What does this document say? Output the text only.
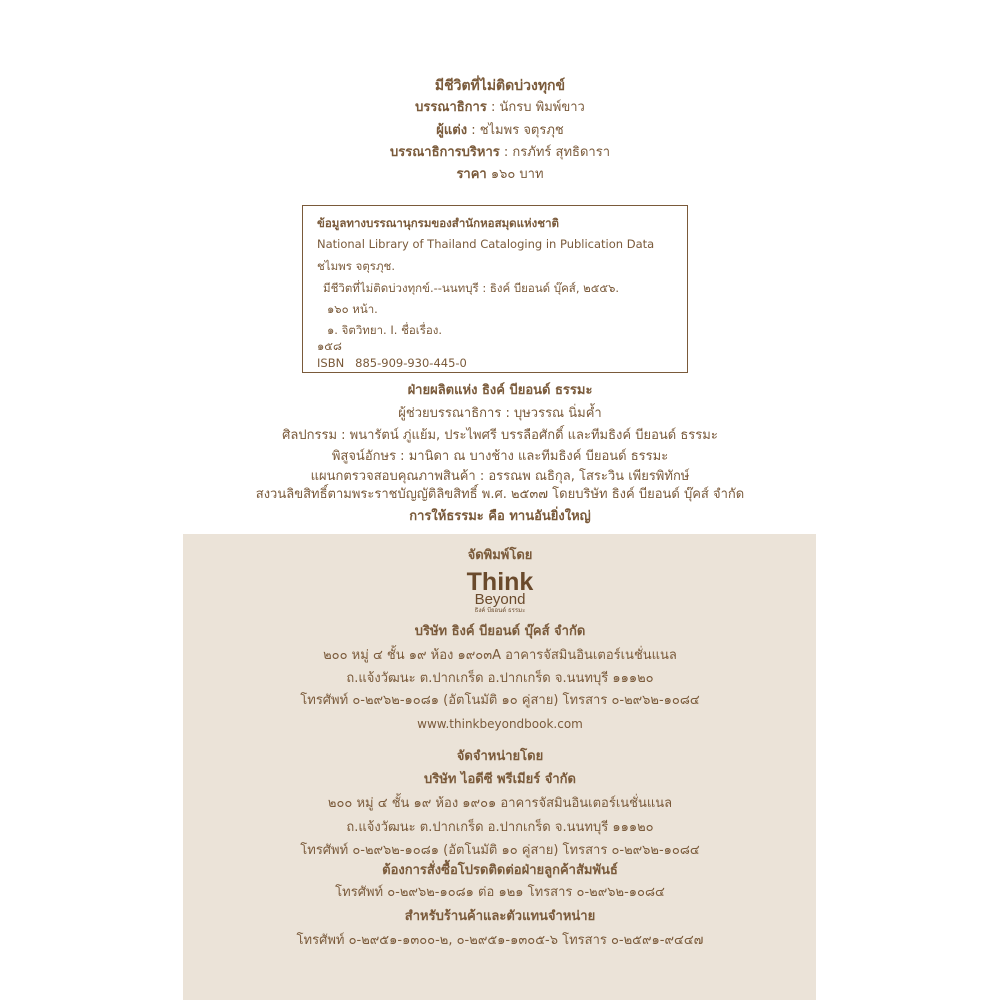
มีชีวิตที่ไม่ติดบ่วงทุกข์
บรรณาธิการ : นักรบ พิมพ์ขาว
ผู้แต่ง : ชไมพร จตุรภุช
บรรณาธิการบริหาร : กรภัทร์ สุทธิดารา
ราคา ๑๖๐ บาท
ข้อมูลทางบรรณานุกรมของสำนักหอสมุดแห่งชาติ
National Library of Thailand Cataloging in Publication Data
ชไมพร จตุรภุช.
มีชีวิตที่ไม่ติดบ่วงทุกข์.--นนทบุรี : ธิงค์ บียอนด์ บุ๊คส์, ๒๕๕๖.
๑๖๐ หน้า.
๑. จิตวิทยา. I. ชื่อเรื่อง.
๑๕๘
ISBN 885-909-930-445-0
ฝ่ายผลิตแห่ง ธิงค์ บียอนด์ ธรรมะ
ผู้ช่วยบรรณาธิการ : บุษวรรณ นิ่มค้ำ
ศิลปกรรม : พนารัตน์ ภู่แย้ม, ประไพศรี บรรลือศักดิ์ และทีมธิงค์ บียอนด์ ธรรมะ
พิสูจน์อักษร : มานิดา ณ บางช้าง และทีมธิงค์ บียอนด์ ธรรมะ
แผนกตรวจสอบคุณภาพสินค้า : อรรณพ ณธิกุล, โสระวิน เพียรพิทักษ์
สงวนลิขสิทธิ์ตามพระราชบัญญัติลิขสิทธิ์ พ.ศ. ๒๕๓๗ โดยบริษัท ธิงค์ บียอนด์ บุ๊คส์ จำกัด
การให้ธรรมะ คือ ทานอันยิ่งใหญ่
จัดพิมพ์โดย
Think
Beyond
ธิงค์ บียอนด์ ธรรมะ
บริษัท ธิงค์ บียอนด์ บุ๊คส์ จำกัด
๒๐๐ หมู่ ๔ ชั้น ๑๙ ห้อง ๑๙๐๓A อาคารจัสมินอินเตอร์เนชั่นแนล
ถ.แจ้งวัฒนะ ต.ปากเกร็ด อ.ปากเกร็ด จ.นนทบุรี ๑๑๑๒๐
โทรศัพท์ ๐-๒๙๖๒-๑๐๘๑ (อัตโนมัติ ๑๐ คู่สาย) โทรสาร ๐-๒๙๖๒-๑๐๘๔
www.thinkbeyondbook.com
จัดจำหน่ายโดย
บริษัท ไอดีซี พรีเมียร์ จำกัด
๒๐๐ หมู่ ๔ ชั้น ๑๙ ห้อง ๑๙๐๑ อาคารจัสมินอินเตอร์เนชั่นแนล
ถ.แจ้งวัฒนะ ต.ปากเกร็ด อ.ปากเกร็ด จ.นนทบุรี ๑๑๑๒๐
โทรศัพท์ ๐-๒๙๖๒-๑๐๘๑ (อัตโนมัติ ๑๐ คู่สาย) โทรสาร ๐-๒๙๖๒-๑๐๘๔
ต้องการสั่งซื้อโปรดติดต่อฝ่ายลูกค้าสัมพันธ์
โทรศัพท์ ๐-๒๙๖๒-๑๐๘๑ ต่อ ๑๒๑ โทรสาร ๐-๒๙๖๒-๑๐๘๔
สำหรับร้านค้าและตัวแทนจำหน่าย
โทรศัพท์ ๐-๒๙๕๑-๑๓๐๐-๒, ๐-๒๙๕๑-๑๓๐๕-๖ โทรสาร ๐-๒๕๙๑-๙๔๔๗
